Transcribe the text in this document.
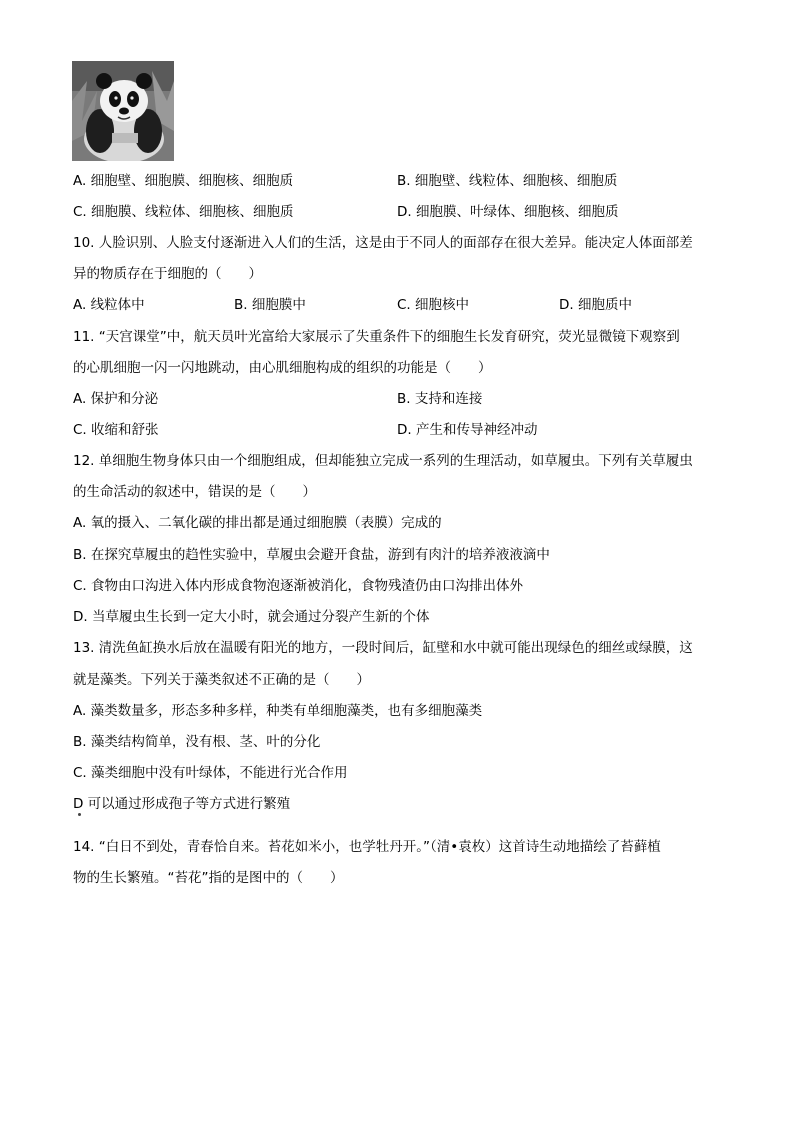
A. 细胞壁、细胞膜、细胞核、细胞质	B. 细胞壁、线粒体、细胞核、细胞质
C. 细胞膜、线粒体、细胞核、细胞质	D. 细胞膜、叶绿体、细胞核、细胞质
10. 人脸识别、人脸支付逐渐进入人们的生活，这是由于不同人的面部存在很大差异。能决定人体面部差
异的物质存在于细胞的（　　）
A. 线粒体中	B. 细胞膜中	C. 细胞核中	D. 细胞质中
11. “天宫课堂”中，航天员叶光富给大家展示了失重条件下的细胞生长发育研究，荧光显微镜下观察到
的心肌细胞一闪一闪地跳动，由心肌细胞构成的组织的功能是（　　）
A. 保护和分泌	B. 支持和连接
C. 收缩和舒张	D. 产生和传导神经冲动
12. 单细胞生物身体只由一个细胞组成，但却能独立完成一系列的生理活动，如草履虫。下列有关草履虫
的生命活动的叙述中，错误的是（　　）
A. 氧的摄入、二氧化碳的排出都是通过细胞膜（表膜）完成的
B. 在探究草履虫的趋性实验中，草履虫会避开食盐，游到有肉汁的培养液液滴中
C. 食物由口沟进入体内形成食物泡逐渐被消化，食物残渣仍由口沟排出体外
D. 当草履虫生长到一定大小时，就会通过分裂产生新的个体
13. 清洗鱼缸换水后放在温暖有阳光的地方，一段时间后，缸壁和水中就可能出现绿色的细丝或绿膜，这
就是藻类。下列关于藻类叙述不正确的是（　　）
A. 藻类数量多，形态多种多样，种类有单细胞藻类，也有多细胞藻类
B. 藻类结构简单，没有根、茎、叶的分化
C. 藻类细胞中没有叶绿体，不能进行光合作用
D 可以通过形成孢子等方式进行繁殖
14. “白日不到处，青春恰自来。苔花如米小，也学牡丹开。”（清•袁枚）这首诗生动地描绘了苔藓植
物的生长繁殖。“苔花”指的是图中的（　　）
